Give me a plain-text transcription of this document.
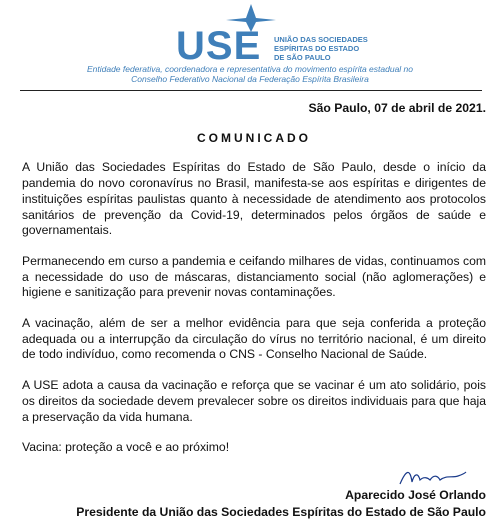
USE UNIÃO DAS SOCIEDADES
ESPÍRITAS DO ESTADO
DE SÃO PAULO
Entidade federativa, coordenadora e representativa do movimento espírita estadual no
Conselho Federativo Nacional da Federação Espírita Brasileira

São Paulo, 07 de abril de 2021.

COMUNICADO

A União das Sociedades Espíritas do Estado de São Paulo, desde o início da pandemia do novo coronavírus no Brasil, manifesta-se aos espíritas e dirigentes de instituições espíritas paulistas quanto à necessidade de atendimento aos protocolos sanitários de prevenção da Covid-19, determinados pelos órgãos de saúde e governamentais.

Permanecendo em curso a pandemia e ceifando milhares de vidas, continuamos com a necessidade do uso de máscaras, distanciamento social (não aglomerações) e higiene e sanitização para prevenir novas contaminações.

A vacinação, além de ser a melhor evidência para que seja conferida a proteção adequada ou a interrupção da circulação do vírus no território nacional, é um direito de todo indivíduo, como recomenda o CNS - Conselho Nacional de Saúde.

A USE adota a causa da vacinação e reforça que se vacinar é um ato solidário, pois os direitos da sociedade devem prevalecer sobre os direitos individuais para que haja a preservação da vida humana.

Vacina: proteção a você e ao próximo!

Aparecido José Orlando
Presidente da União das Sociedades Espíritas do Estado de São Paulo
